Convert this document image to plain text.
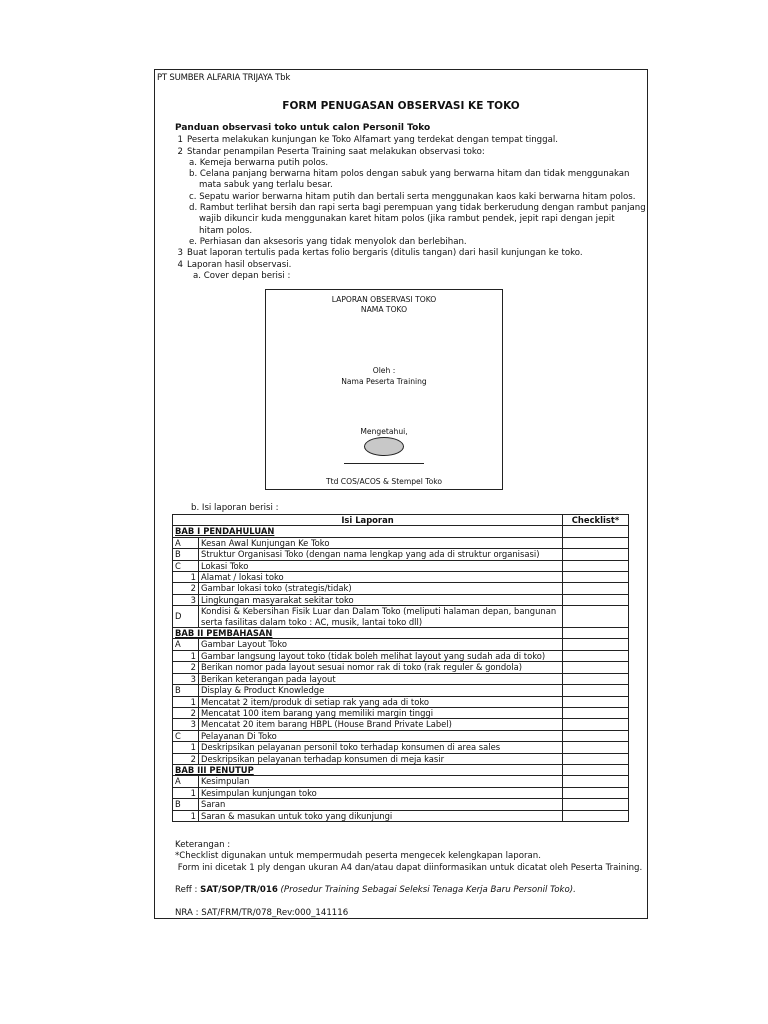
PT SUMBER ALFARIA TRIJAYA Tbk
FORM PENUGASAN OBSERVASI KE TOKO
Panduan observasi toko untuk calon Personil Toko
1 Peserta melakukan kunjungan ke Toko Alfamart yang terdekat dengan tempat tinggal.
2 Standar penampilan Peserta Training saat melakukan observasi toko:
a. Kemeja berwarna putih polos.
b. Celana panjang berwarna hitam polos dengan sabuk yang berwarna hitam dan tidak menggunakan
mata sabuk yang terlalu besar.
c. Sepatu warior berwarna hitam putih dan bertali serta menggunakan kaos kaki berwarna hitam polos.
d. Rambut terlihat bersih dan rapi serta bagi perempuan yang tidak berkerudung dengan rambut panjang
wajib dikuncir kuda menggunakan karet hitam polos (jika rambut pendek, jepit rapi dengan jepit
hitam polos.
e. Perhiasan dan aksesoris yang tidak menyolok dan berlebihan.
3 Buat laporan tertulis pada kertas folio bergaris (ditulis tangan) dari hasil kunjungan ke toko.
4 Laporan hasil observasi.
a. Cover depan berisi :
LAPORAN OBSERVASI TOKO
NAMA TOKO
Oleh :
Nama Peserta Training
Mengetahui,
Ttd COS/ACOS & Stempel Toko
b. Isi laporan berisi :
Isi Laporan		Checklist*
BAB I PENDAHULUAN		
A	Kesan Awal Kunjungan Ke Toko	
B	Struktur Organisasi Toko (dengan nama lengkap yang ada di struktur organisasi)	
C	Lokasi Toko	
1	Alamat / lokasi toko	
2	Gambar lokasi toko (strategis/tidak)	
3	Lingkungan masyarakat sekitar toko	
D	Kondisi & Kebersihan Fisik Luar dan Dalam Toko (meliputi halaman depan, bangunan serta fasilitas dalam toko : AC, musik, lantai toko dll)	
BAB II PEMBAHASAN		
A	Gambar Layout Toko	
1	Gambar langsung layout toko (tidak boleh melihat layout yang sudah ada di toko)	
2	Berikan nomor pada layout sesuai nomor rak di toko (rak reguler & gondola)	
3	Berikan keterangan pada layout	
B	Display & Product Knowledge	
1	Mencatat 2 item/produk di setiap rak yang ada di toko	
2	Mencatat 100 item barang yang memiliki margin tinggi	
3	Mencatat 20 item barang HBPL (House Brand Private Label)	
C	Pelayanan Di Toko	
1	Deskripsikan pelayanan personil toko terhadap konsumen di area sales	
2	Deskripsikan pelayanan terhadap konsumen di meja kasir	
BAB III PENUTUP		
A	Kesimpulan	
1	Kesimpulan kunjungan toko	
B	Saran	
1	Saran & masukan untuk toko yang dikunjungi	
Keterangan :
*Checklist digunakan untuk mempermudah peserta mengecek kelengkapan laporan.
Form ini dicetak 1 ply dengan ukuran A4 dan/atau dapat diinformasikan untuk dicatat oleh Peserta Training.
Reff : SAT/SOP/TR/016 (Prosedur Training Sebagai Seleksi Tenaga Kerja Baru Personil Toko).
NRA : SAT/FRM/TR/078_Rev:000_141116
